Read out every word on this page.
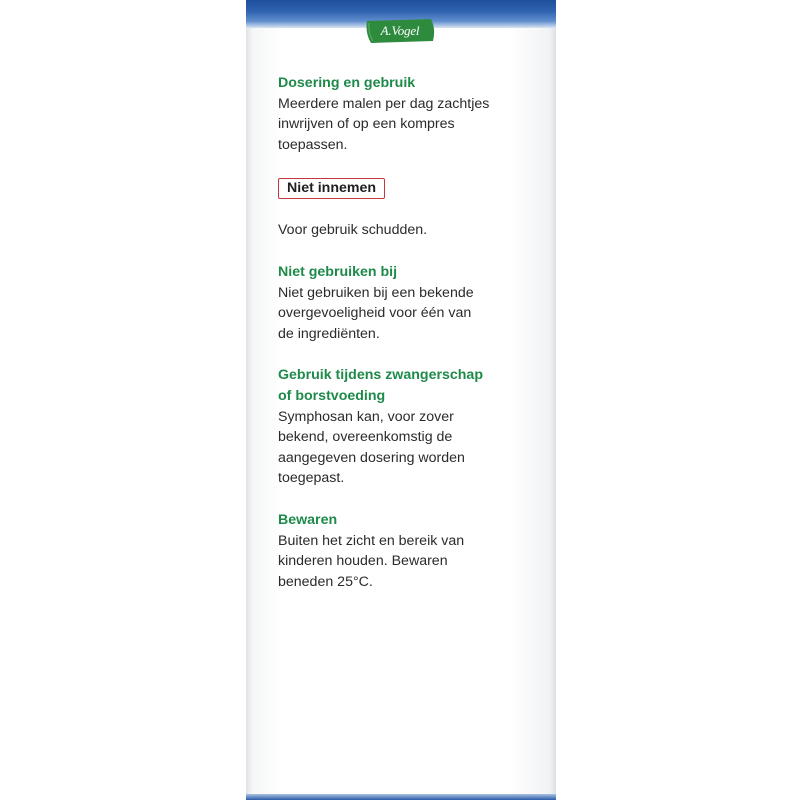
A.Vogel

Dosering en gebruik

Meerdere malen per dag zachtjes

inwrijven of op een kompres

toepassen.

Niet innemen

Voor gebruik schudden.

Niet gebruiken bij

Niet gebruiken bij een bekende

overgevoeligheid voor één van

de ingrediënten.

Gebruik tijdens zwangerschap

of borstvoeding

Symphosan kan, voor zover

bekend, overeenkomstig de

aangegeven dosering worden

toegepast.

Bewaren

Buiten het zicht en bereik van

kinderen houden. Bewaren

beneden 25°C.
